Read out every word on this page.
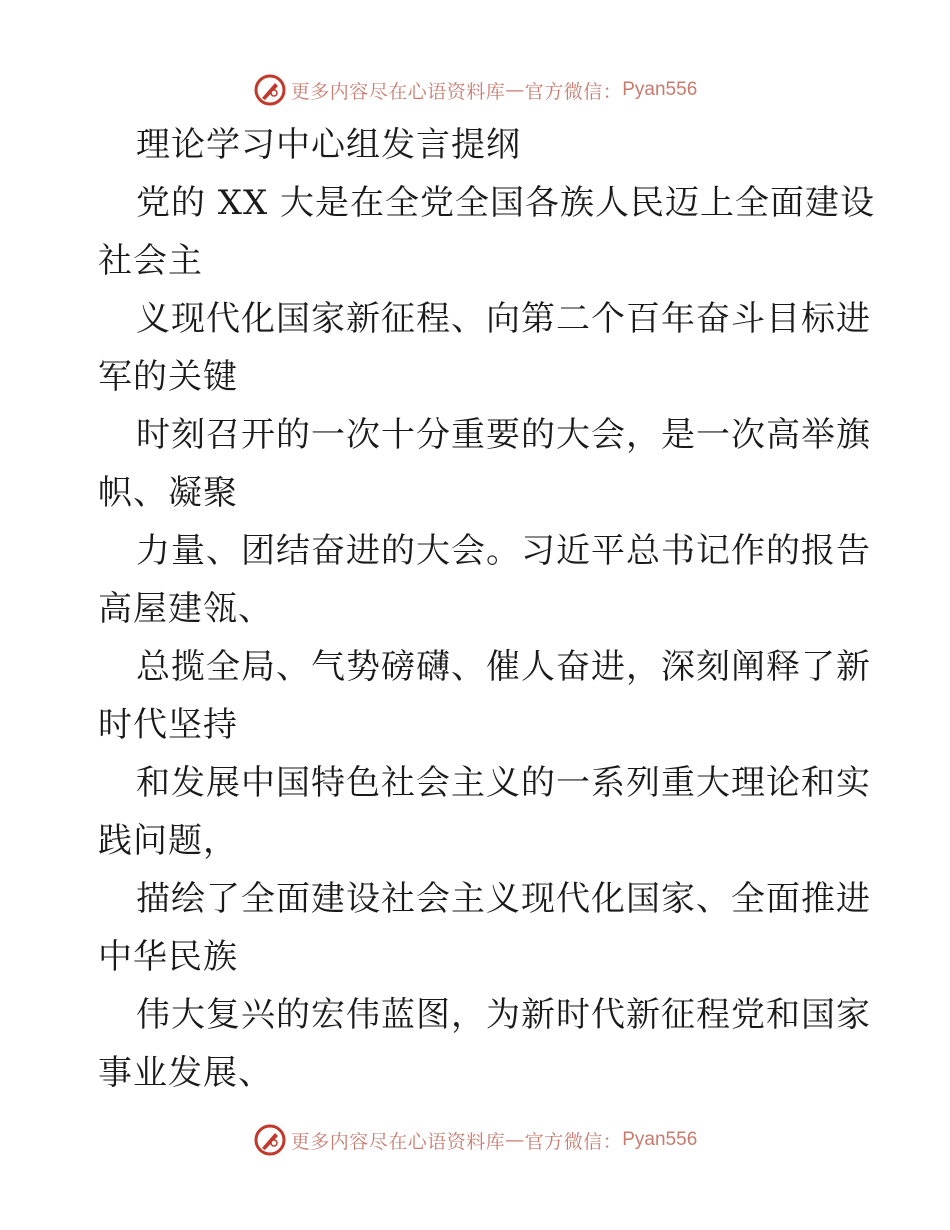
更多内容尽在心语资料库 — 官方微信： Pyan556
理论学习中心组发言提纲
党的 XX 大是在全党全国各族人民迈上全面建设
社会主
义现代化国家新征程、向第二个百年奋斗目标进
军的关键
时刻召开的一次十分重要的大会，是一次高举旗
帜、凝聚
力量、团结奋进的大会。习近平总书记作的报告
高屋建瓴、
总揽全局、气势磅礴、催人奋进，深刻阐释了新
时代坚持
和发展中国特色社会主义的一系列重大理论和实
践问题，
描绘了全面建设社会主义现代化国家、全面推进
中华民族
伟大复兴的宏伟蓝图，为新时代新征程党和国家
事业发展、
更多内容尽在心语资料库 — 官方微信： Pyan556
